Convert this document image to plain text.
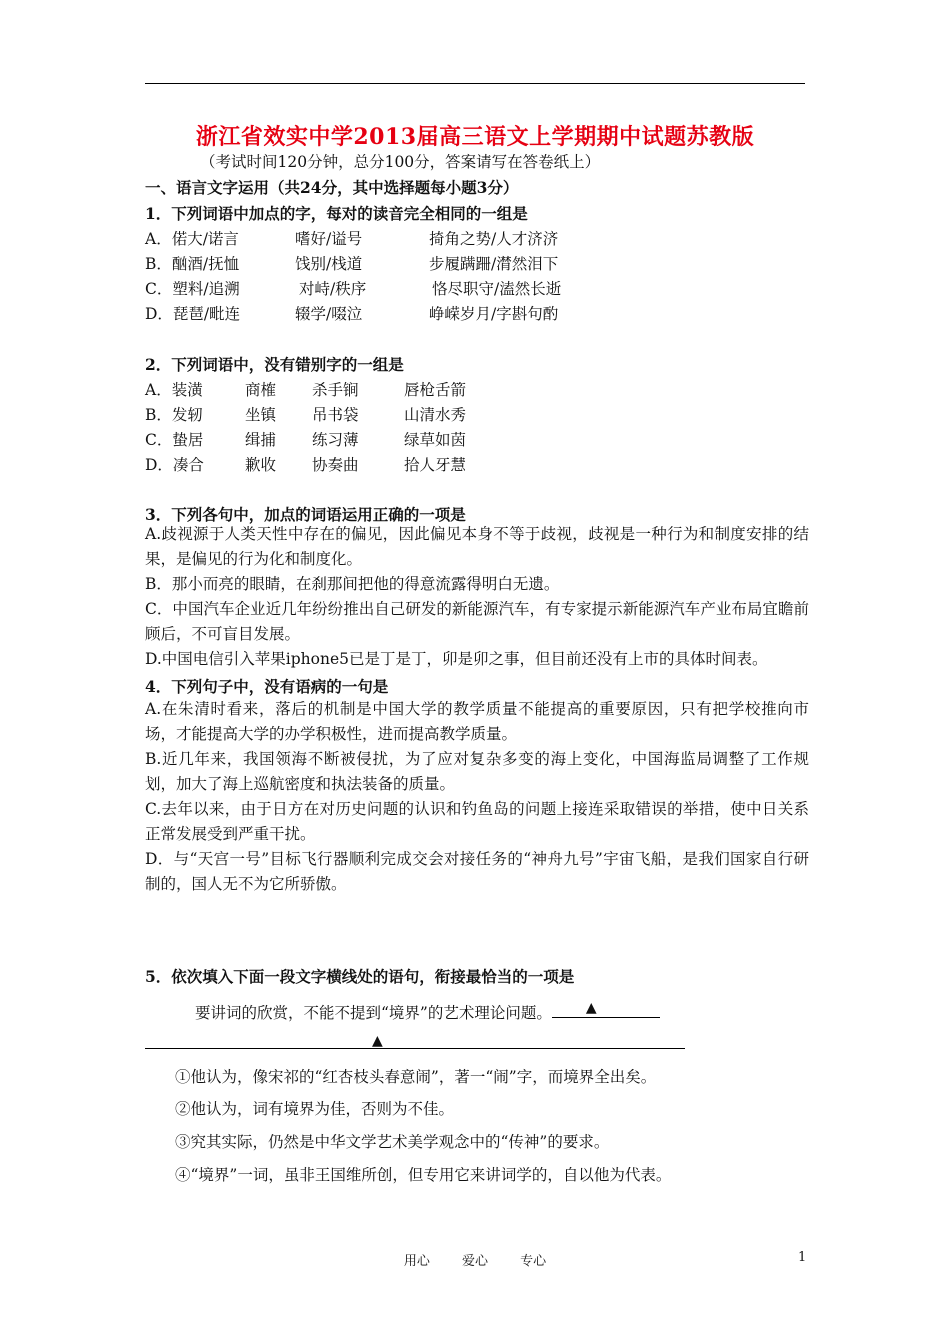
浙江省效实中学2013届高三语文上学期期中试题苏教版
（考试时间120分钟，总分100分，答案请写在答卷纸上）
一、语言文字运用（共24分，其中选择题每小题3分）
1．下列词语中加点的字，每对的读音完全相同的一组是
A．偌大/诺言	嗜好/谥号	掎角之势/人才济济
B．酗酒/抚恤	饯别/栈道	步履蹒跚/潸然泪下
C．塑料/追溯	对峙/秩序	恪尽职守/溘然长逝
D．琵琶/毗连	辍学/啜泣	峥嵘岁月/字斟句酌
2．下列词语中，没有错别字的一组是
A．装潢	商榷 杀手锏	唇枪舌箭
B．发轫	坐镇 吊书袋	山清水秀
C．蛰居	缉捕 练习薄	绿草如茵
D．凑合	歉收 协奏曲	拾人牙慧
3．下列各句中，加点的词语运用正确的一项是
A.歧视源于人类天性中存在的偏见，因此偏见本身不等于歧视，歧视是一种行为和制度安排的结果，是偏见的行为化和制度化。
B．那小而亮的眼睛，在刹那间把他的得意流露得明白无遗。
C．中国汽车企业近几年纷纷推出自己研发的新能源汽车，有专家提示新能源汽车产业布局宜瞻前顾后，不可盲目发展。
D.中国电信引入苹果iphone5已是丁是丁，卯是卯之事，但目前还没有上市的具体时间表。
4．下列句子中，没有语病的一句是
A.在朱清时看来，落后的机制是中国大学的教学质量不能提高的重要原因，只有把学校推向市场，才能提高大学的办学积极性，进而提高教学质量。
B.近几年来，我国领海不断被侵扰，为了应对复杂多变的海上变化，中国海监局调整了工作规划，加大了海上巡航密度和执法装备的质量。
C.去年以来，由于日方在对历史问题的认识和钓鱼岛的问题上接连采取错误的举措，使中日关系正常发展受到严重干扰。
D．与“天宫一号”目标飞行器顺利完成交会对接任务的“神舟九号”宇宙飞船，是我们国家自行研制的，国人无不为它所骄傲。
5．依次填入下面一段文字横线处的语句，衔接最恰当的一项是
要讲词的欣赏，不能不提到“境界”的艺术理论问题。 ▲
▲
①他认为，像宋祁的“红杏枝头春意闹”，著一“闹”字，而境界全出矣。
②他认为，词有境界为佳，否则为不佳。
③究其实际，仍然是中华文学艺术美学观念中的“传神”的要求。
④“境界”一词，虽非王国维所创，但专用它来讲词学的，自以他为代表。
用心 爱心 专心	1
